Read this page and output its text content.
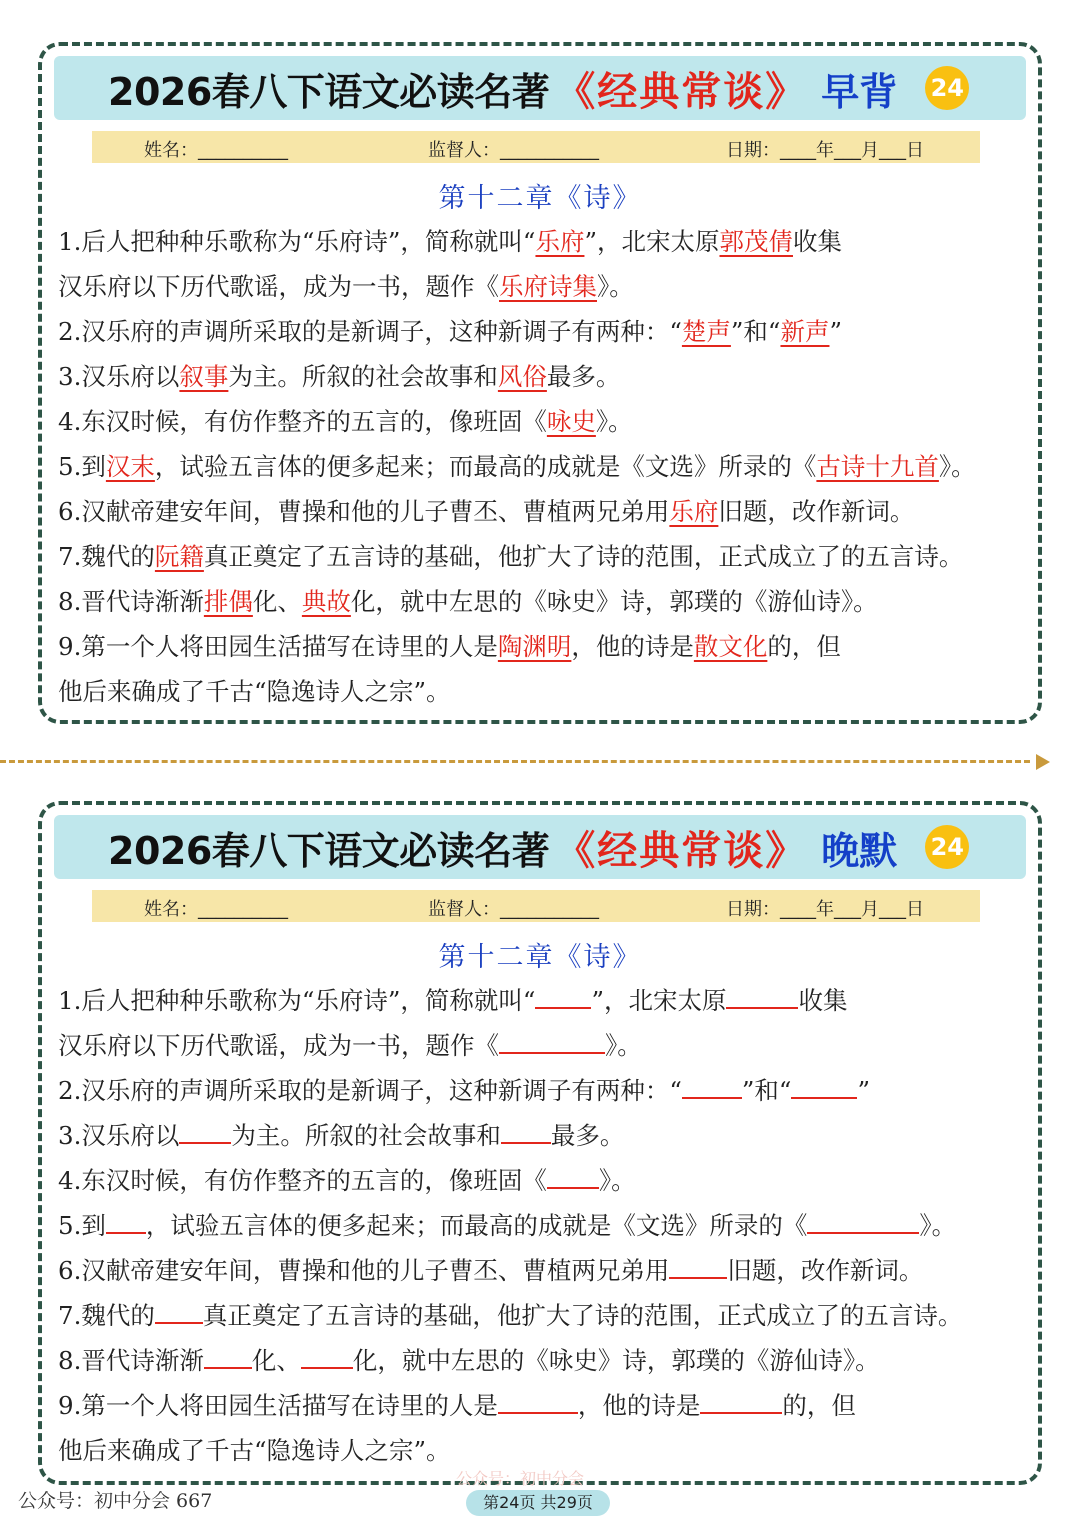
2026春八下语文必读名著 《经典常谈》 早背 24
姓名：__________	监督人：___________	日期：____年___月___日
第十二章《诗》
1.后人把种种乐歌称为“乐府诗”，简称就叫“乐府”，北宋太原郭茂倩收集
汉乐府以下历代歌谣，成为一书，题作《乐府诗集》。
2.汉乐府的声调所采取的是新调子，这种新调子有两种：“楚声”和“新声”
3.汉乐府以叙事为主。所叙的社会故事和风俗最多。
4.东汉时候，有仿作整齐的五言的，像班固《咏史》。
5.到汉末，试验五言体的便多起来；而最高的成就是《文选》所录的《古诗十九首》。
6.汉献帝建安年间，曹操和他的儿子曹丕、曹植两兄弟用乐府旧题，改作新词。
7.魏代的阮籍真正奠定了五言诗的基础，他扩大了诗的范围，正式成立了的五言诗。
8.晋代诗渐渐排偶化、典故化，就中左思的《咏史》诗，郭璞的《游仙诗》。
9.第一个人将田园生活描写在诗里的人是陶渊明，他的诗是散文化的，但
他后来确成了千古“隐逸诗人之宗”。
2026春八下语文必读名著 《经典常谈》 晚默 24
姓名：__________	监督人：___________	日期：____年___月___日
第十二章《诗》
1.后人把种种乐歌称为“乐府诗”，简称就叫“ ”，北宋太原	收集
汉乐府以下历代歌谣，成为一书，题作《	》。
2.汉乐府的声调所采取的是新调子，这种新调子有两种：“ ”和“	”
3.汉乐府以 为主。所叙的社会故事和 最多。
4.东汉时候，有仿作整齐的五言的，像班固《 》。
5.到 ，试验五言体的便多起来；而最高的成就是《文选》所录的《	》。
6.汉献帝建安年间，曹操和他的儿子曹丕、曹植两兄弟用 旧题，改作新词。
7.魏代的 真正奠定了五言诗的基础，他扩大了诗的范围，正式成立了的五言诗。
8.晋代诗渐渐 化、 化，就中左思的《咏史》诗，郭璞的《游仙诗》。
9.第一个人将田园生活描写在诗里的人是	，他的诗是	的，但
他后来确成了千古“隐逸诗人之宗”。
公众号：初中分会
公众号：初中分会 667	第24页 共29页
